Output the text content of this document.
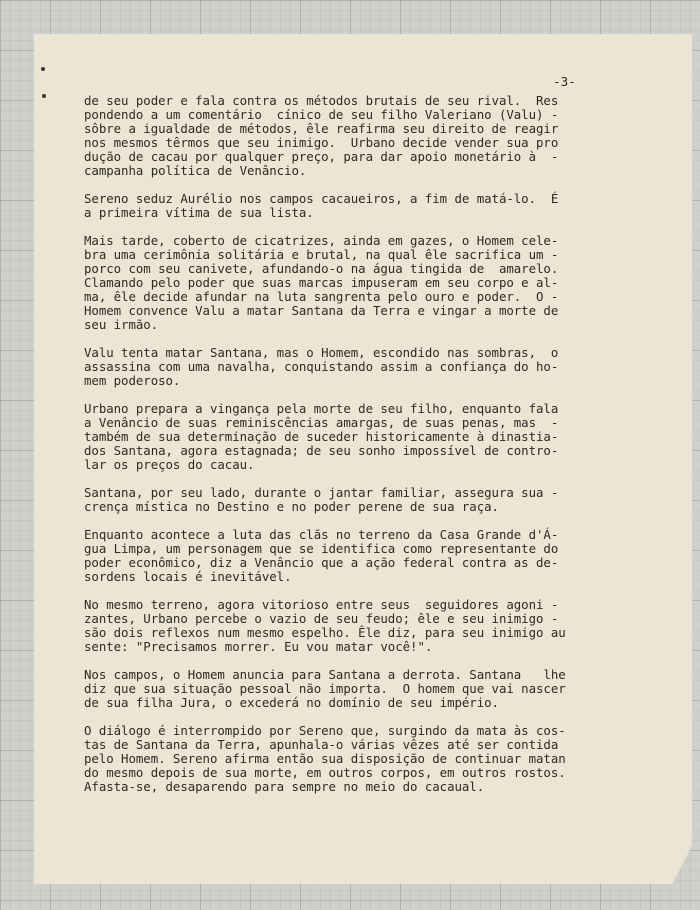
-3-
de seu poder e fala contra os métodos brutais de seu rival.  Res
pondendo a um comentário  cínico de seu filho Valeriano (Valu) -
sôbre a igualdade de métodos, êle reafirma seu direito de reagir
nos mesmos têrmos que seu inimigo.  Urbano decide vender sua pro
dução de cacau por qualquer preço, para dar apoio monetário à  -
campanha política de Venâncio.
Sereno seduz Aurélio nos campos cacaueiros, a fim de matá-lo.  É
a primeira vítima de sua lista.
Mais tarde, coberto de cicatrizes, ainda em gazes, o Homem cele-
bra uma cerimônia solitária e brutal, na qual êle sacrifica um -
porco com seu canivete, afundando-o na água tingida de  amarelo.
Clamando pelo poder que suas marcas impuseram em seu corpo e al-
ma, êle decide afundar na luta sangrenta pelo ouro e poder.  O -
Homem convence Valu a matar Santana da Terra e vingar a morte de
seu irmão.
Valu tenta matar Santana, mas o Homem, escondido nas sombras,  o
assassina com uma navalha, conquistando assim a confiança do ho-
mem poderoso.
Urbano prepara a vingança pela morte de seu filho, enquanto fala
a Venâncio de suas reminiscências amargas, de suas penas, mas  -
também de sua determinação de suceder historicamente à dinastia-
dos Santana, agora estagnada; de seu sonho impossível de contro-
lar os preços do cacau.
Santana, por seu lado, durante o jantar familiar, assegura sua -
crença mística no Destino e no poder perene de sua raça.
Enquanto acontece a luta das clãs no terreno da Casa Grande d'Á-
gua Limpa, um personagem que se identifica como representante do
poder econômico, diz a Venâncio que a ação federal contra as de-
sordens locais é inevitável.
No mesmo terreno, agora vitorioso entre seus  seguidores agoni -
zantes, Urbano percebe o vazio de seu feudo; êle e seu inimigo -
são dois reflexos num mesmo espelho. Êle diz, para seu inimigo au
sente: "Precisamos morrer. Eu vou matar você!".
Nos campos, o Homem anuncia para Santana a derrota. Santana   lhe
diz que sua situação pessoal não importa.  O homem que vai nascer
de sua filha Jura, o excederá no domínio de seu império.
O diálogo é interrompido por Sereno que, surgindo da mata às cos-
tas de Santana da Terra, apunhala-o várias vêzes até ser contida
pelo Homem. Sereno afirma então sua disposição de continuar matan
do mesmo depois de sua morte, em outros corpos, em outros rostos.
Afasta-se, desaparendo para sempre no meio do cacaual.
